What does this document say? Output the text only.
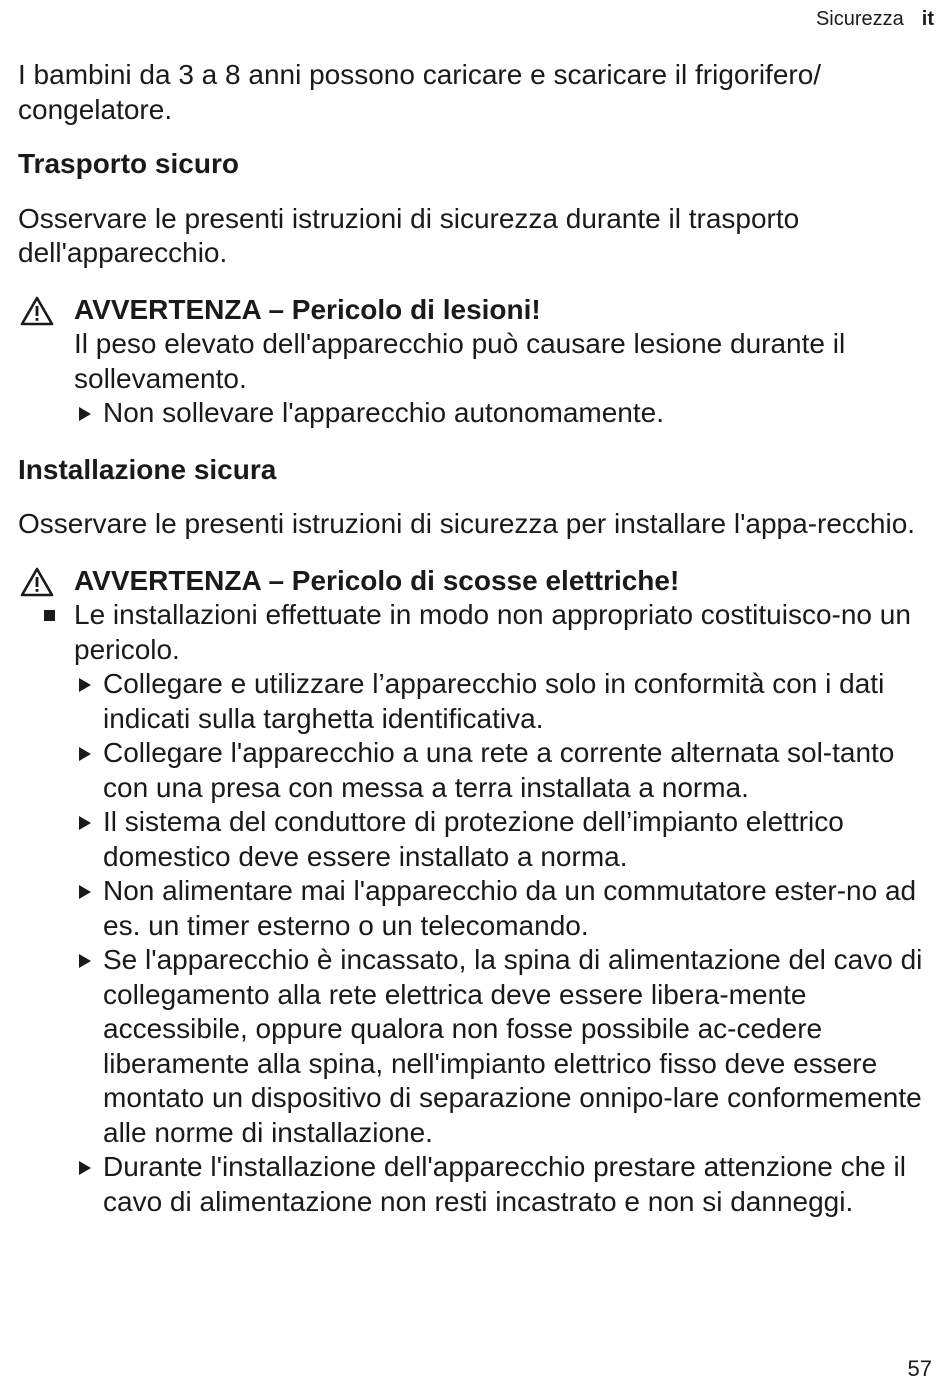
Sicurezza it

I bambini da 3 a 8 anni possono caricare e scaricare il frigorifero/ congelatore.

Trasporto sicuro

Osservare le presenti istruzioni di sicurezza durante il trasporto dell'apparecchio.

AVVERTENZA – Pericolo di lesioni!

Il peso elevato dell'apparecchio può causare lesione durante il sollevamento.

Non sollevare l'apparecchio autonomamente.
Installazione sicura

Osservare le presenti istruzioni di sicurezza per installare l'appa-recchio.

AVVERTENZA – Pericolo di scosse elettriche!
Le installazioni effettuate in modo non appropriato costituisco-no un pericolo.
Collegare e utilizzare l’apparecchio solo in conformità con i dati indicati sulla targhetta identificativa.
Collegare l'apparecchio a una rete a corrente alternata sol-tanto con una presa con messa a terra installata a norma.
Il sistema del conduttore di protezione dell’impianto elettrico domestico deve essere installato a norma.
Non alimentare mai l'apparecchio da un commutatore ester-no ad es. un timer esterno o un telecomando.
Se l'apparecchio è incassato, la spina di alimentazione del cavo di collegamento alla rete elettrica deve essere libera-mente accessibile, oppure qualora non fosse possibile ac-cedere liberamente alla spina, nell'impianto elettrico fisso deve essere montato un dispositivo di separazione onnipo-lare conformemente alle norme di installazione.
Durante l'installazione dell'apparecchio prestare attenzione che il cavo di alimentazione non resti incastrato e non si danneggi.
57
